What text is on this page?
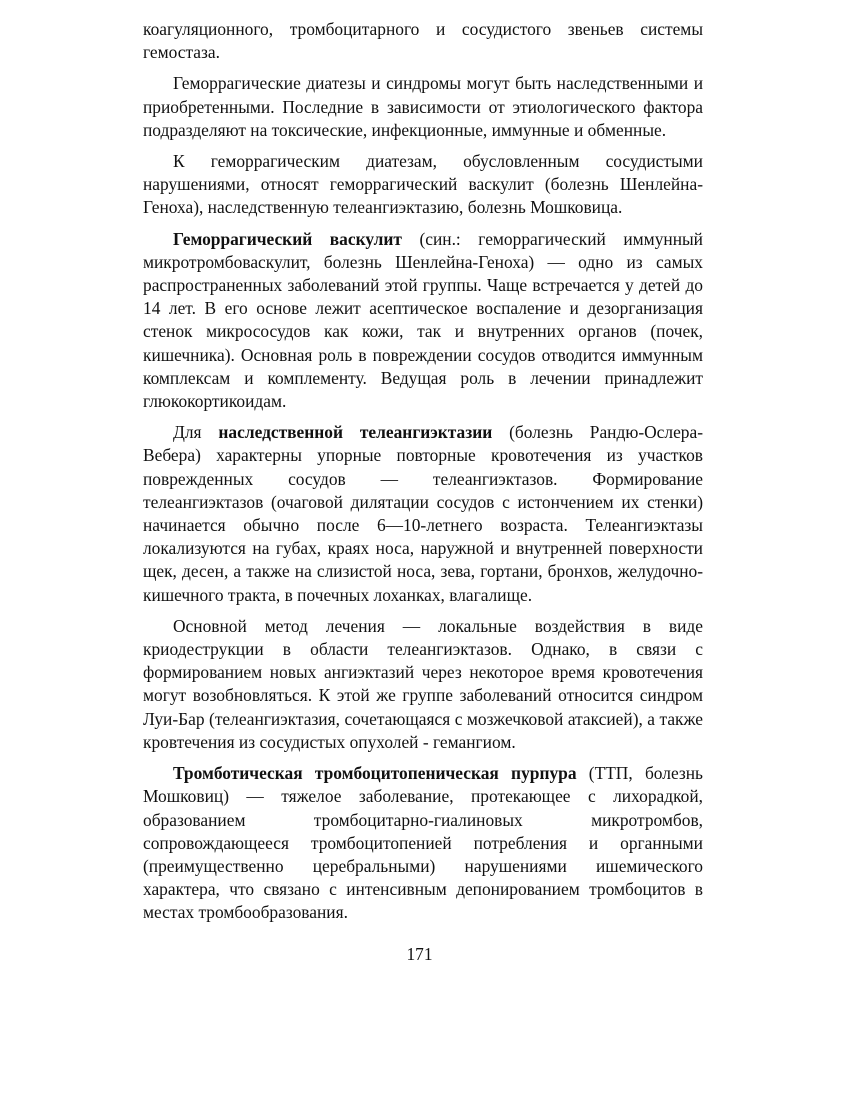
коагуляционного, тромбоцитарного и сосудистого звеньев системы гемостаза.

Геморрагические диатезы и синдромы могут быть наследственными и приобретенными. Последние в зависимости от этиологического фактора подразделяют на токсические, инфекционные, иммунные и обменные.

К геморрагическим диатезам, обусловленным сосудистыми нарушениями, относят геморрагический васкулит (болезнь Шенлейна-Геноха), наследственную телеангиэктазию, болезнь Мошковица.

Геморрагический васкулит (син.: геморрагический иммунный микротромбоваскулит, болезнь Шенлейна-Геноха) — одно из самых распространенных заболеваний этой группы. Чаще встречается у детей до 14 лет. В его основе лежит асептическое воспаление и дезорганизация стенок микрососудов как кожи, так и внутренних органов (почек, кишечника). Основная роль в повреждении сосудов отводится иммунным комплексам и комплементу. Ведущая роль в лечении принадлежит глюкокортикоидам.

Для наследственной телеангиэктазии (болезнь Рандю-Ослера-Вебера) характерны упорные повторные кровотечения из участков поврежденных сосудов — телеангиэктазов. Формирование телеангиэктазов (очаговой дилятации сосудов с истончением их стенки) начинается обычно после 6—10-летнего возраста. Телеангиэктазы локализуются на губах, краях носа, наружной и внутренней поверхности щек, десен, а также на слизистой носа, зева, гортани, бронхов, желудочно-кишечного тракта, в почечных лоханках, влагалище.

Основной метод лечения — локальные воздействия в виде криодеструкции в области телеангиэктазов. Однако, в связи с формированием новых ангиэктазий через некоторое время кровотечения могут возобновляться. К этой же группе заболеваний относится синдром Луи-Бар (телеангиэктазия, сочетающаяся с мозжечковой атаксией), а также кровтечения из сосудистых опухолей - гемангиом.

Тромботическая тромбоцитопеническая пурпура (ТТП, болезнь Мошковиц) — тяжелое заболевание, протекающее с лихорадкой, образованием тромбоцитарно-гиалиновых микротромбов, сопровождающееся тромбоцитопенией потребления и органными (преимущественно церебральными) нарушениями ишемического характера, что связано с интенсивным депонированием тромбоцитов в местах тромбообразования.

171
